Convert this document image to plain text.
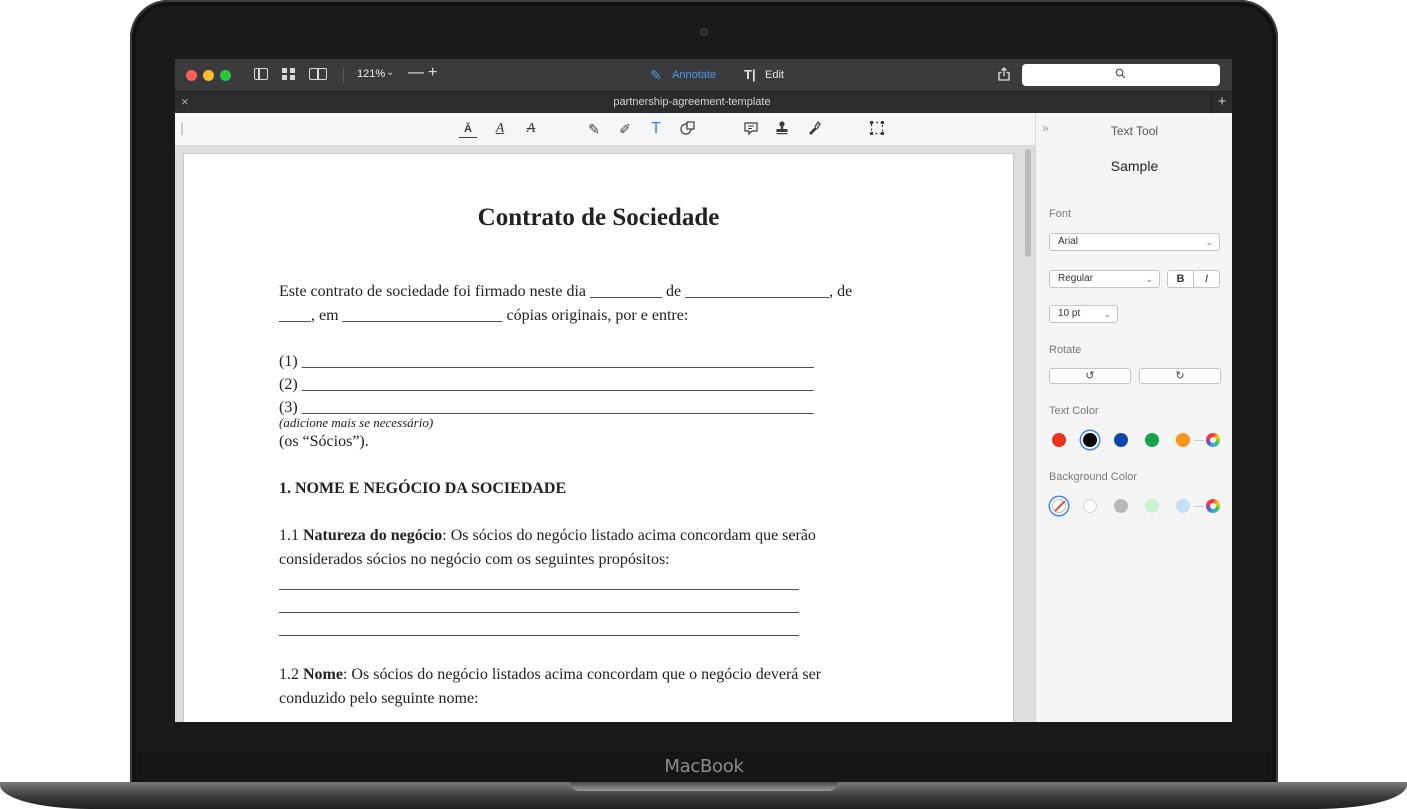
MacBook
121% ⌄ — +	✎ Annotate T| Edit
×	partnership-agreement-template	+
Ā	A	A	✎ ✐ T
Contrato de Sociedade
Este contrato de sociedade foi firmado neste dia _________ de __________________, de
____, em ____________________ cópias originais, por e entre:
(1) ________________________________________________________________
(2) ________________________________________________________________
(3) ________________________________________________________________
(adicione mais se necessário)
(os “Sócios”).
1. NOME E NEGÓCIO DA SOCIEDADE
1.1 Natureza do negócio: Os sócios do negócio listado acima concordam que serão
considerados sócios no negócio com os seguintes propósitos:
_________________________________________________________________
_________________________________________________________________
_________________________________________________________________
1.2 Nome: Os sócios do negócio listados acima concordam que o negócio deverá ser
conduzido pelo seguinte nome:
»	Text Tool
Sample
Font
Arial	⌄
Regular	⌄	B	I
10 pt	⌄
Rotate
↺	↻
Text Color
Background Color
